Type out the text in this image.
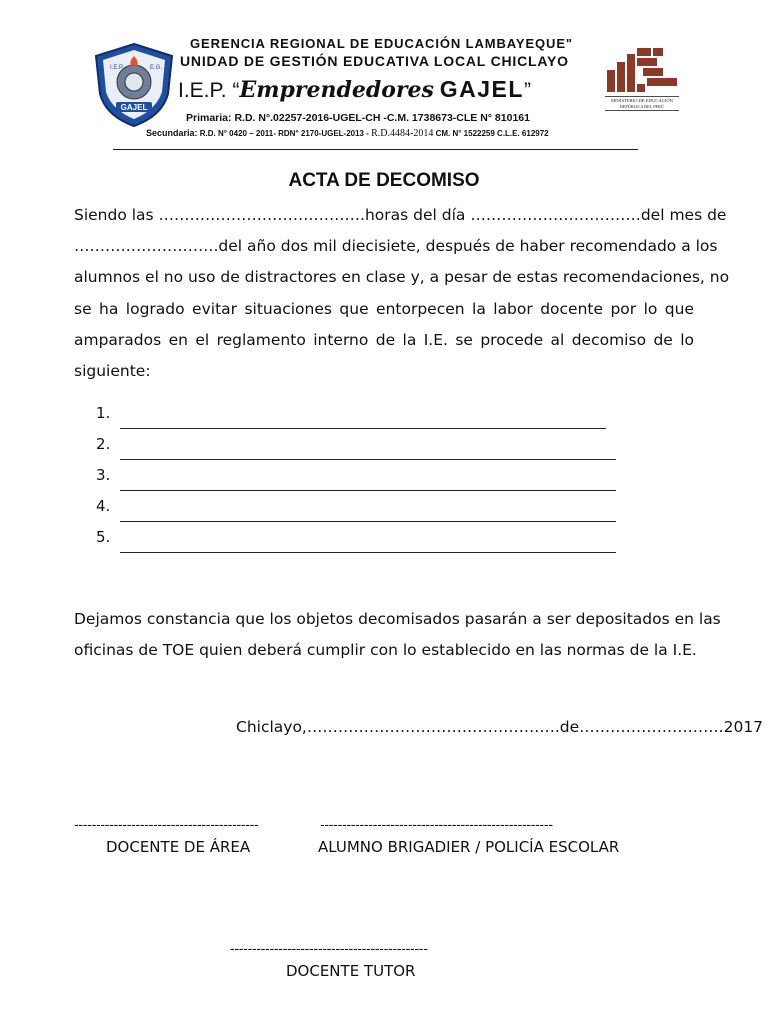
GAJEL
I.E.P.	E.G.
MINISTERIO DE EDUCACIÓN
REPÚBLICA DEL PERÚ
GERENCIA REGIONAL DE EDUCACIÓN LAMBAYEQUE"
UNIDAD DE GESTIÓN EDUCATIVA LOCAL CHICLAYO
I.E.P. “Emprendedores GAJEL”
Primaria: R.D. N°.02257-2016-UGEL-CH -C.M. 1738673-CLE N° 810161
Secundaria: R.D. N° 0420 – 2011- RDN° 2170-UGEL-2013 - R.D.4484-2014 CM. N° 1522259 C.L.E. 612972
ACTA DE DECOMISO
Siendo las ………………………………….horas del día ……………………………del mes de
……………………….del año dos mil diecisiete, después de haber recomendado a los
alumnos el no uso de distractores en clase y, a pesar de estas recomendaciones, no
se ha logrado evitar situaciones que entorpecen la labor docente por lo que
amparados en el reglamento interno de la I.E. se procede al decomiso de lo
siguiente:
1.
2.
3.
4.
5.
Dejamos constancia que los objetos decomisados pasarán a ser depositados en las
oficinas de TOE quien deberá cumplir con lo establecido en las normas de la I.E.
Chiclayo,………………………………………….de……………………….2017
------------------------------------------	-----------------------------------------------------
DOCENTE DE ÁREA	ALUMNO BRIGADIER / POLICÍA ESCOLAR
---------------------------------------------
DOCENTE TUTOR
